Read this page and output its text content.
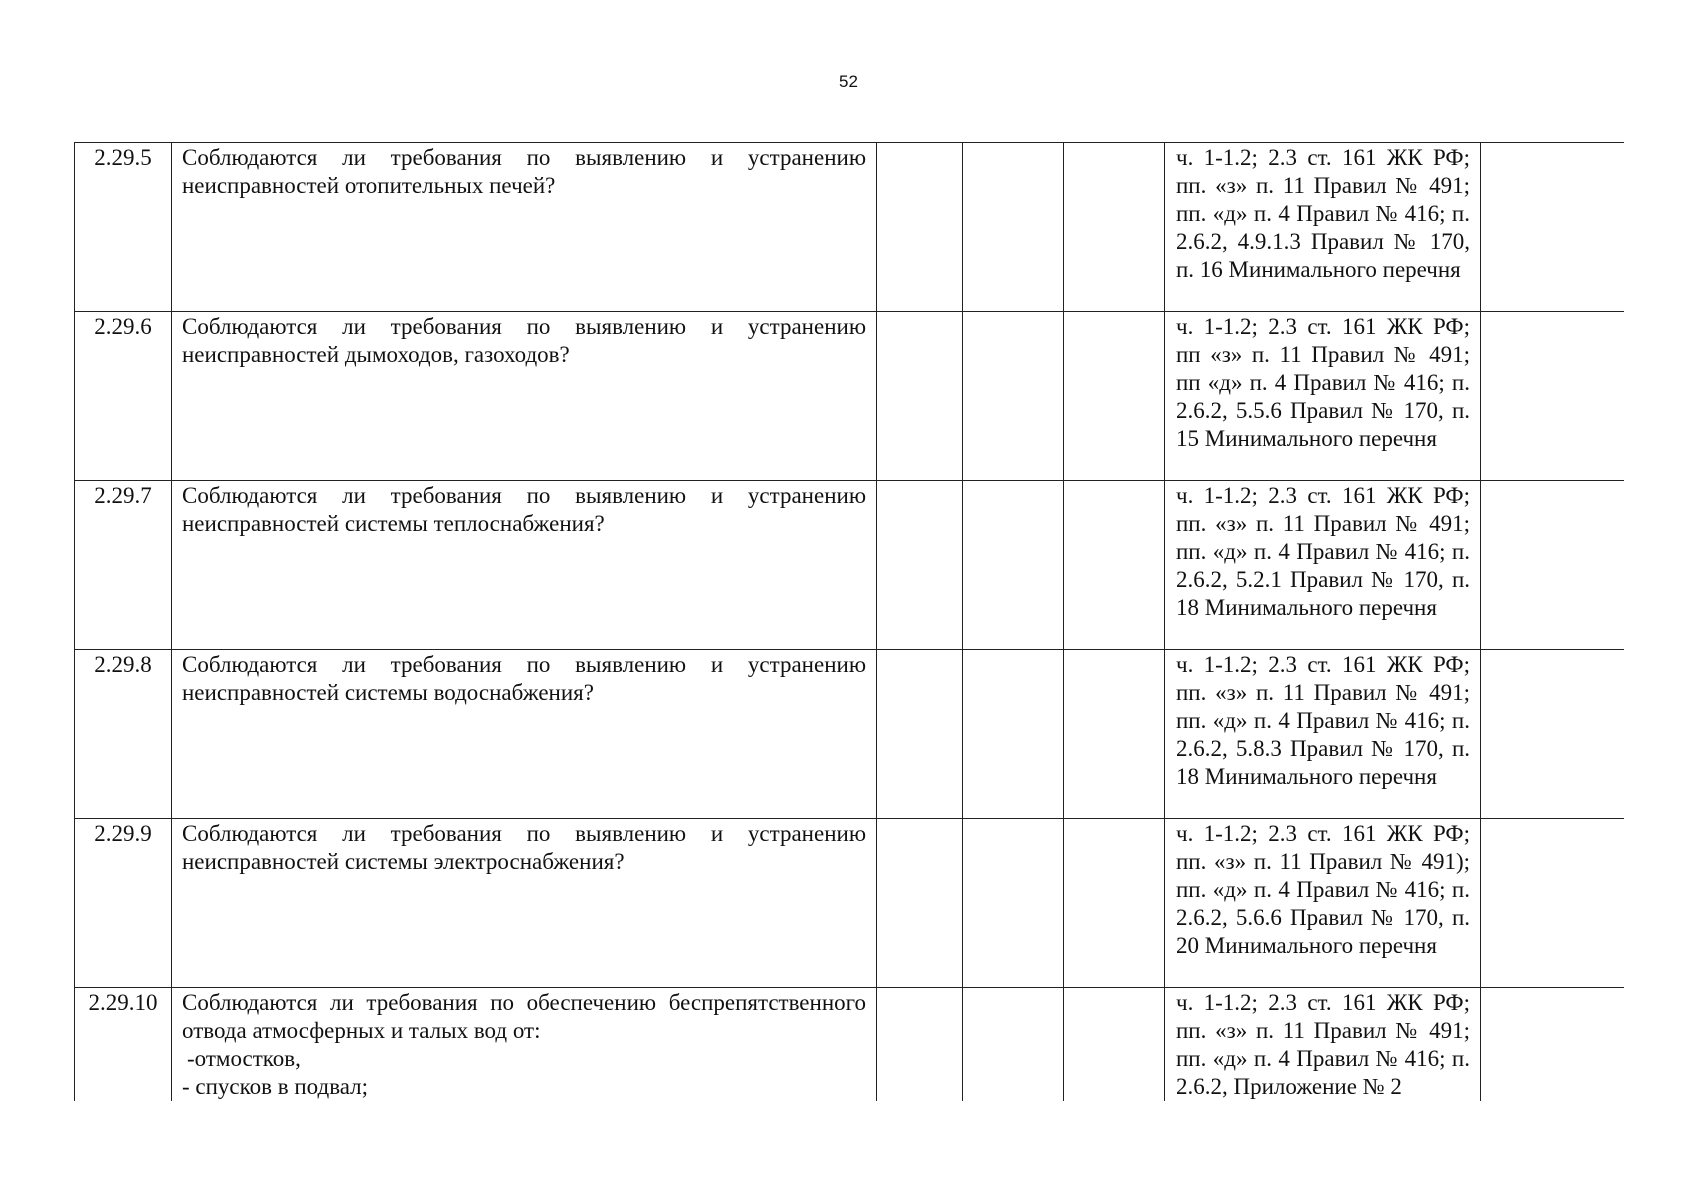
52
2.29.5	Соблюдаются ли требования по выявлению и устранению неисправностей отопительных печей?				ч. 1-1.2; 2.3 ст. 161 ЖК РФ; пп. «з» п. 11 Правил № 491; пп. «д» п. 4 Правил № 416; п. 2.6.2, 4.9.1.3 Правил № 170, п. 16 Минимального перечня	
2.29.6	Соблюдаются ли требования по выявлению и устранению неисправностей дымоходов, газоходов?				ч. 1-1.2; 2.3 ст. 161 ЖК РФ; пп «з» п. 11 Правил № 491; пп «д» п. 4 Правил № 416; п. 2.6.2, 5.5.6 Правил № 170, п. 15 Минимального перечня	
2.29.7	Соблюдаются ли требования по выявлению и устранению неисправностей системы теплоснабжения?				ч. 1-1.2; 2.3 ст. 161 ЖК РФ; пп. «з» п. 11 Правил № 491; пп. «д» п. 4 Правил № 416; п. 2.6.2, 5.2.1 Правил № 170, п. 18 Минимального перечня	
2.29.8	Соблюдаются ли требования по выявлению и устранению неисправностей системы водоснабжения?				ч. 1-1.2; 2.3 ст. 161 ЖК РФ; пп. «з» п. 11 Правил № 491; пп. «д» п. 4 Правил № 416; п. 2.6.2, 5.8.3 Правил № 170, п. 18 Минимального перечня	
2.29.9	Соблюдаются ли требования по выявлению и устранению неисправностей системы электроснабжения?				ч. 1-1.2; 2.3 ст. 161 ЖК РФ; пп. «з» п. 11 Правил № 491); пп. «д» п. 4 Правил № 416; п. 2.6.2, 5.6.6 Правил № 170, п. 20 Минимального перечня	
2.29.10	Соблюдаются ли требования по обеспечению беспрепятственного отвода атмосферных и талых вод от:
-отмостков,
- спусков в подвал;				ч. 1-1.2; 2.3 ст. 161 ЖК РФ; пп. «з» п. 11 Правил № 491; пп. «д» п. 4 Правил № 416; п. 2.6.2, Приложение № 2	
